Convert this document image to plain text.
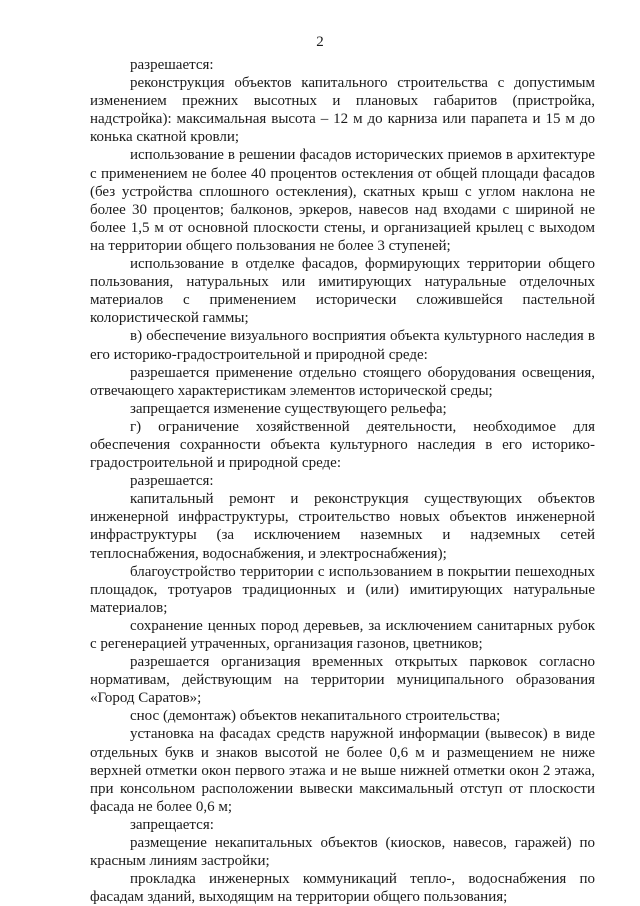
2

разрешается:

реконструкция объектов капитального строительства с допустимым изменением прежних высотных и плановых габаритов (пристройка, надстройка): максимальная высота – 12 м до карниза или парапета и 15 м до конька скатной кровли;

использование в решении фасадов исторических приемов в архитектуре с применением не более 40 процентов остекления от общей площади фасадов (без устройства сплошного остекления), скатных крыш с углом наклона не более 30 процентов; балконов, эркеров, навесов над входами с шириной не более 1,5 м от основной плоскости стены, и организацией крылец с выходом на территории общего пользования не более 3 ступеней;

использование в отделке фасадов, формирующих территории общего пользования, натуральных или имитирующих натуральные отделочных материалов с применением исторически сложившейся пастельной колористической гаммы;

в) обеспечение визуального восприятия объекта культурного наследия в его историко-градостроительной и природной среде:

разрешается применение отдельно стоящего оборудования освещения, отвечающего характеристикам элементов исторической среды;

запрещается изменение существующего рельефа;

г) ограничение хозяйственной деятельности, необходимое для обеспечения сохранности объекта культурного наследия в его историко-градостроительной и природной среде:

разрешается:

капитальный ремонт и реконструкция существующих объектов инженерной инфраструктуры, строительство новых объектов инженерной инфраструктуры (за исключением наземных и надземных сетей теплоснабжения, водоснабжения, и электроснабжения);

благоустройство территории с использованием в покрытии пешеходных площадок, тротуаров традиционных и (или) имитирующих натуральные материалов;

сохранение ценных пород деревьев, за исключением санитарных рубок с регенерацией утраченных, организация газонов, цветников;

разрешается организация временных открытых парковок согласно нормативам, действующим на территории муниципального образования «Город Саратов»;

снос (демонтаж) объектов некапитального строительства;

установка на фасадах средств наружной информации (вывесок) в виде отдельных букв и знаков высотой не более 0,6 м и размещением не ниже верхней отметки окон первого этажа и не выше нижней отметки окон 2 этажа, при консольном расположении вывески максимальный отступ от плоскости фасада не более 0,6 м;

запрещается:

размещение некапитальных объектов (киосков, навесов, гаражей) по красным линиям застройки;

прокладка инженерных коммуникаций тепло-, водоснабжения по фасадам зданий, выходящим на территории общего пользования;
